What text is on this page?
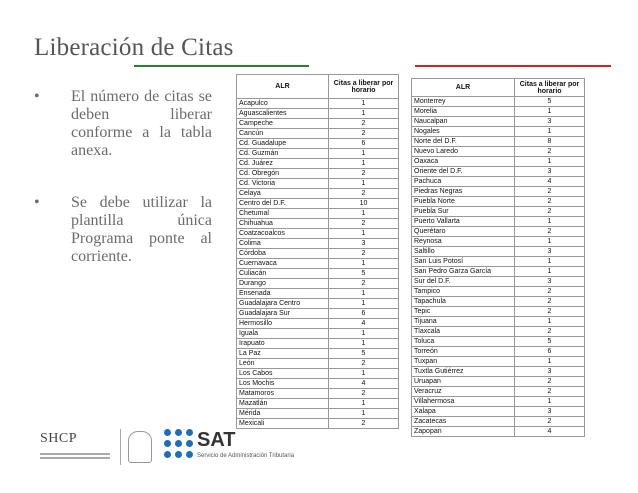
Liberación de Citas
• El número de citas se deben liberar conforme a la tabla anexa.
• Se debe utilizar la plantilla única Programa ponte al corriente.
ALR	Citas a liberar por horario
Acapulco	1
Aguascalientes	1
Campeche	2
Cancún	2
Cd. Guadalupe	6
Cd. Guzmán	1
Cd. Juárez	1
Cd. Obregón	2
Cd. Victoria	1
Celaya	2
Centro del D.F.	10
Chetumal	1
Chihuahua	2
Coatzacoalcos	1
Colima	3
Córdoba	2
Cuernavaca	1
Culiacán	5
Durango	2
Ensenada	1
Guadalajara Centro	1
Guadalajara Sur	6
Hermosillo	4
Iguala	1
Irapuato	1
La Paz	5
León	2
Los Cabos	1
Los Mochis	4
Matamoros	2
Mazatlán	1
Mérida	1
Mexicali	2
ALR	Citas a liberar por horario
Monterrey	5
Morelia	1
Naucalpan	3
Nogales	1
Norte del D.F.	8
Nuevo Laredo	2
Oaxaca	1
Oriente del D.F.	3
Pachuca	4
Piedras Negras	2
Puebla Norte	2
Puebla Sur	2
Puerto Vallarta	1
Querétaro	2
Reynosa	1
Saltillo	3
San Luis Potosí	1
San Pedro Garza García	1
Sur del D.F.	3
Tampico	2
Tapachula	2
Tepic	2
Tijuana	1
Tlaxcala	2
Toluca	5
Torreón	6
Tuxpan	1
Tuxtla Gutiérrez	3
Uruapan	2
Veracruz	2
Villahermosa	1
Xalapa	3
Zacatecas	2
Zapopan	4
SHCP	SAT
Servicio de Administración Tributaria
